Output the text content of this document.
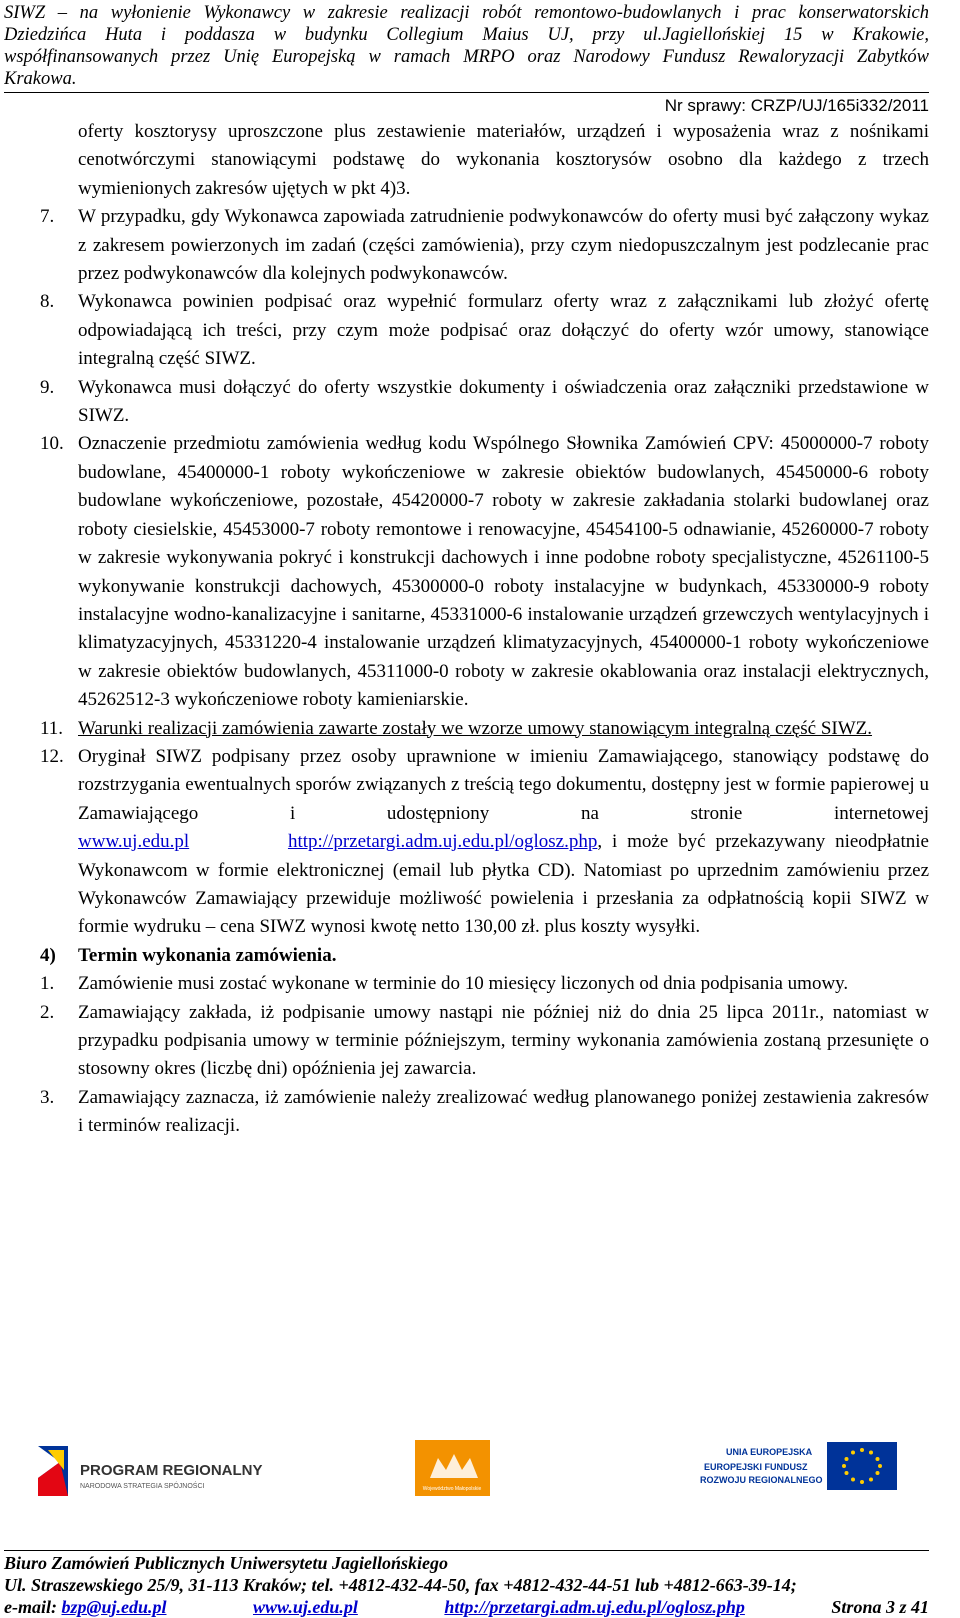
SIWZ – na wyłonienie Wykonawcy w zakresie realizacji robót remontowo-budowlanych i prac konserwatorskich
Dziedzińca Huta i poddasza w budynku Collegium Maius UJ, przy ul.Jagiellońskiej 15 w Krakowie,
współfinansowanych przez Unię Europejską w ramach MRPO oraz Narodowy Fundusz Rewaloryzacji Zabytków
Krakowa.
Nr sprawy: CRZP/UJ/165i332/2011

oferty kosztorysy uproszczone plus zestawienie materiałów, urządzeń i wyposażenia wraz z nośnikami cenotwórczymi stanowiącymi podstawę do wykonania kosztorysów osobno dla każdego z trzech wymienionych zakresów ujętych w pkt 4)3.

7.	W przypadku, gdy Wykonawca zapowiada zatrudnienie podwykonawców do oferty musi być załączony wykaz z zakresem powierzonych im zadań (części zamówienia), przy czym niedopuszczalnym jest podzlecanie prac przez podwykonawców dla kolejnych podwykonawców.

8.	Wykonawca powinien podpisać oraz wypełnić formularz oferty wraz z załącznikami lub złożyć ofertę odpowiadającą ich treści, przy czym może podpisać oraz dołączyć do oferty wzór umowy, stanowiące integralną część SIWZ.

9.	Wykonawca musi dołączyć do oferty wszystkie dokumenty i oświadczenia oraz załączniki przedstawione w SIWZ.

10. Oznaczenie przedmiotu zamówienia według kodu Wspólnego Słownika Zamówień CPV: 45000000-7 roboty budowlane, 45400000-1 roboty wykończeniowe w zakresie obiektów budowlanych, 45450000-6 roboty budowlane wykończeniowe, pozostałe, 45420000-7 roboty w zakresie zakładania stolarki budowlanej oraz roboty ciesielskie, 45453000-7 roboty remontowe i renowacyjne, 45454100-5 odnawianie, 45260000-7 roboty w zakresie wykonywania pokryć i konstrukcji dachowych i inne podobne roboty specjalistyczne, 45261100-5 wykonywanie konstrukcji dachowych, 45300000-0 roboty instalacyjne w budynkach, 45330000-9 roboty instalacyjne wodno-kanalizacyjne i sanitarne, 45331000-6 instalowanie urządzeń grzewczych wentylacyjnych i klimatyzacyjnych, 45331220-4 instalowanie urządzeń klimatyzacyjnych, 45400000-1 roboty wykończeniowe w zakresie obiektów budowlanych, 45311000-0 roboty w zakresie okablowania oraz instalacji elektrycznych, 45262512-3 wykończeniowe roboty kamieniarskie.

11. Warunki realizacji zamówienia zawarte zostały we wzorze umowy stanowiącym integralną część SIWZ.

12. Oryginał SIWZ podpisany przez osoby uprawnione w imieniu Zamawiającego, stanowiący podstawę do rozstrzygania ewentualnych sporów związanych z treścią tego dokumentu, dostępny jest w formie papierowej u Zamawiającego i udostępniony na stronie internetowej www.uj.edu.pl	http://przetargi.adm.uj.edu.pl/oglosz.php, i może być przekazywany nieodpłatnie Wykonawcom w formie elektronicznej (email lub płytka CD). Natomiast po uprzednim zamówieniu przez Wykonawców Zamawiający przewiduje możliwość powielenia i przesłania za odpłatnością kopii SIWZ w formie wydruku – cena SIWZ wynosi kwotę netto 130,00 zł. plus koszty wysyłki.

4)	Termin wykonania zamówienia.
1.	Zamówienie musi zostać wykonane w terminie do 10 miesięcy liczonych od dnia podpisania umowy.

2.	Zamawiający zakłada, iż podpisanie umowy nastąpi nie później niż do dnia 25 lipca 2011r., natomiast w przypadku podpisania umowy w terminie późniejszym, terminy wykonania zamówienia zostaną przesunięte o stosowny okres (liczbę dni) opóźnienia jej zawarcia.

3.	Zamawiający zaznacza, iż zamówienie należy zrealizować według planowanego poniżej zestawienia zakresów i terminów realizacji.

PROGRAM REGIONALNY
NARODOWA STRATEGIA SPÓJNOŚCI	Województwo Małopolskie
UNIA EUROPEJSKA
EUROPEJSKI FUNDUSZ
ROZWOJU REGIONALNEGO
Biuro Zamówień Publicznych Uniwersytetu Jagiellońskiego
Ul. Straszewskiego 25/9, 31-113 Kraków; tel. +4812-432-44-50, fax +4812-432-44-51 lub +4812-663-39-14;
e-mail: bzp@uj.edu.pl	www.uj.edu.pl	http://przetargi.adm.uj.edu.pl/oglosz.php	Strona 3 z 41
